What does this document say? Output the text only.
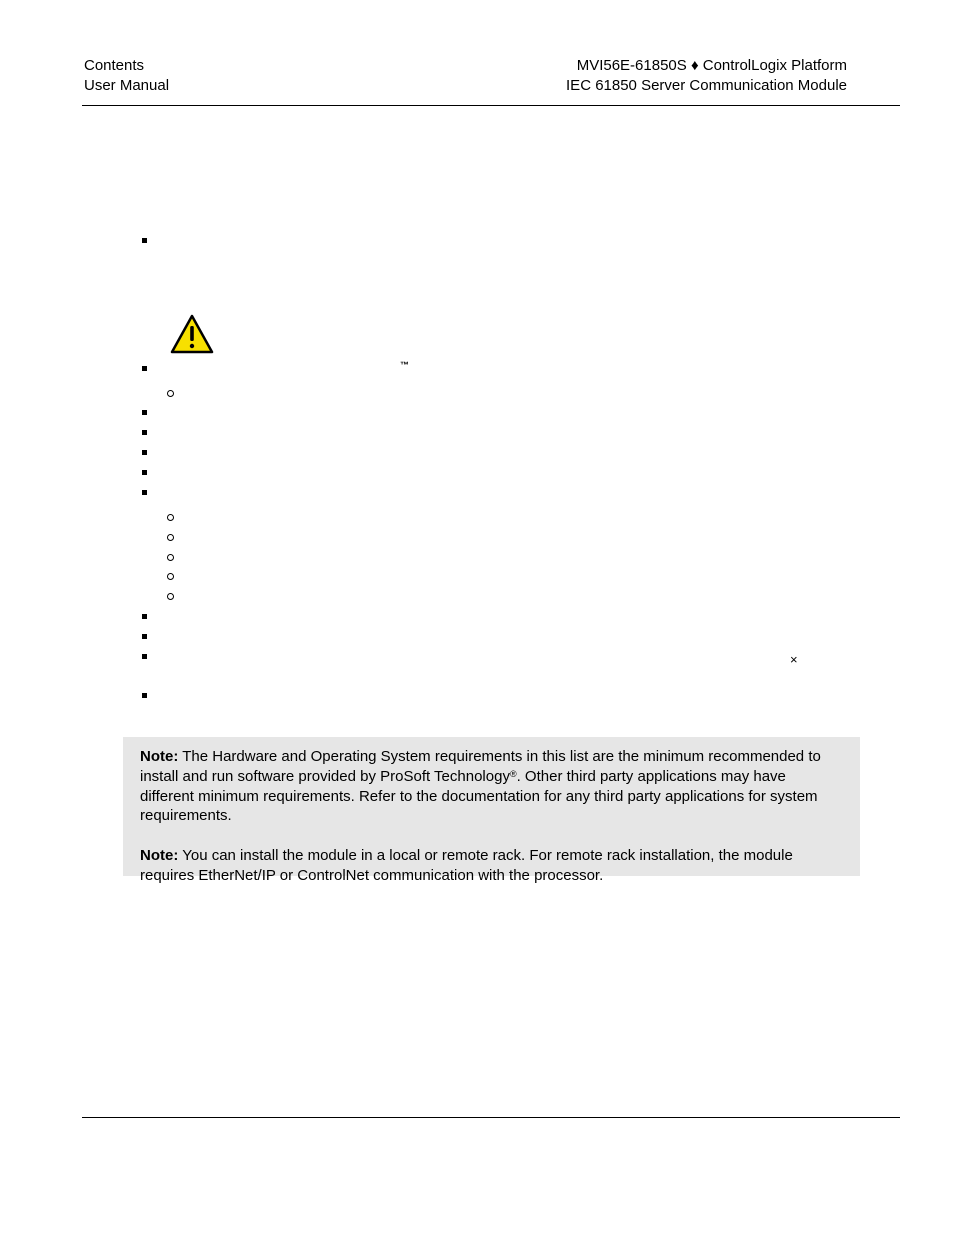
Contents
User Manual
MVI56E-61850S ♦ ControlLogix Platform
IEC 61850 Server Communication Module
™
×

Note: The Hardware and Operating System requirements in this list are the minimum recommended to install and run software provided by ProSoft Technology®. Other third party applications may have different minimum requirements. Refer to the documentation for any third party applications for system requirements.

Note: You can install the module in a local or remote rack. For remote rack installation, the module requires EtherNet/IP or ControlNet communication with the processor.
